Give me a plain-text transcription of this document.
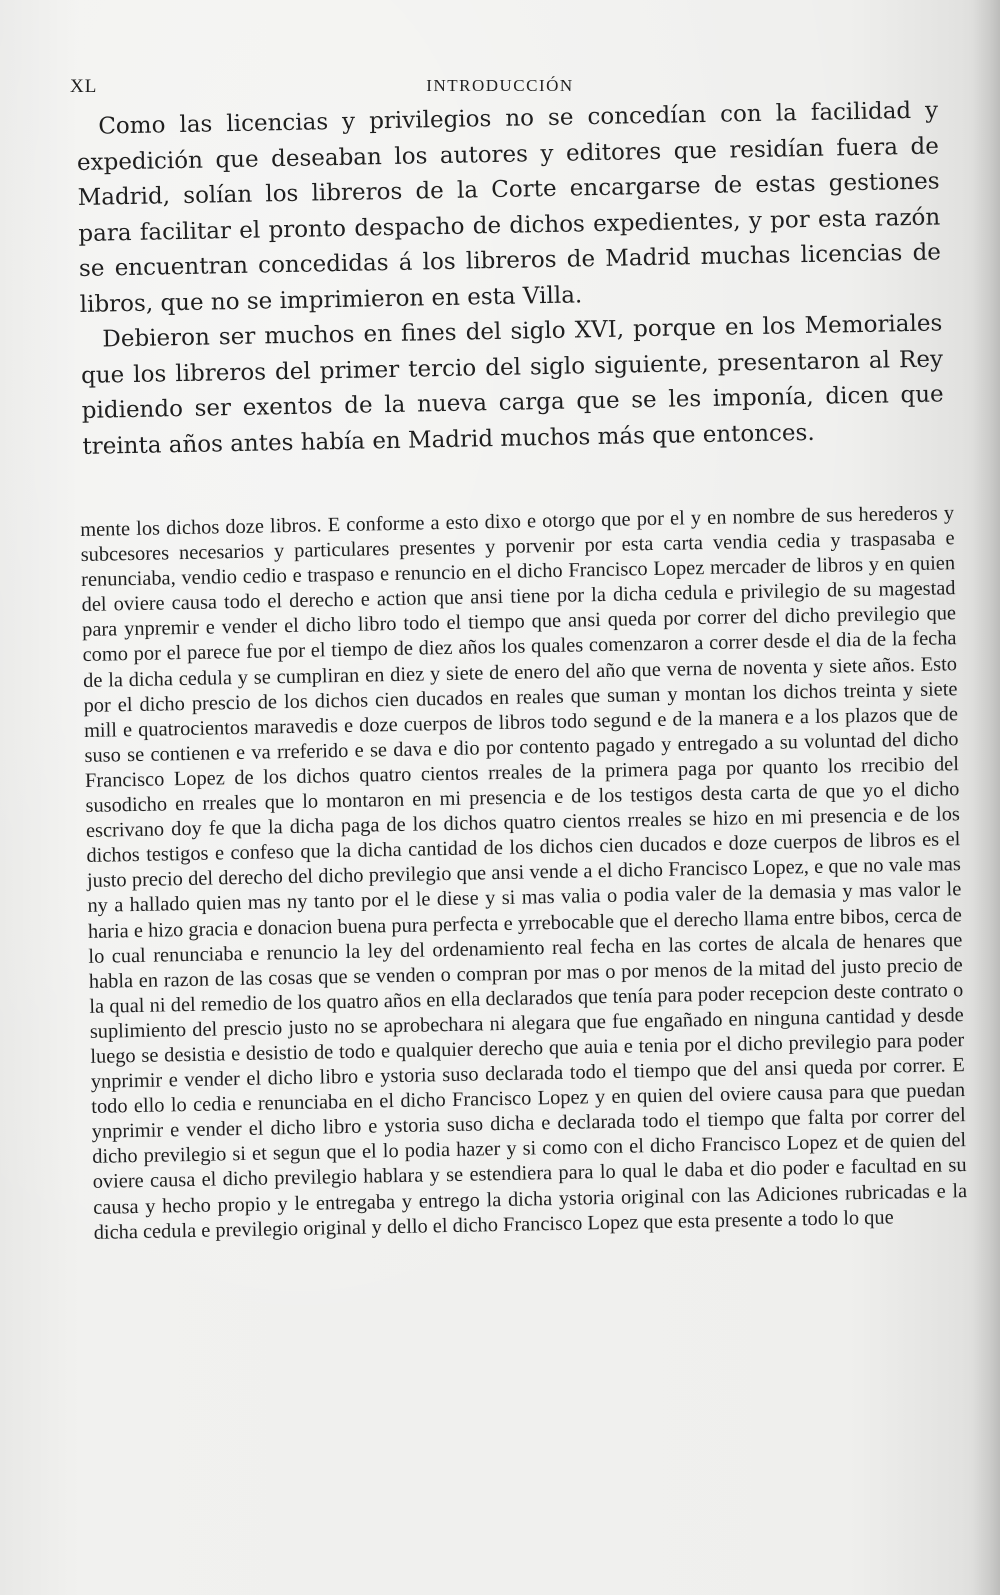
XL	INTRODUCCIÓN

Como las licencias y privilegios no se concedían con la facilidad y expedición que deseaban los autores y editores que residían fuera de Madrid, solían los libreros de la Corte encargarse de estas gestiones para facilitar el pronto despacho de dichos expedientes, y por esta razón se encuentran concedidas á los libreros de Madrid muchas licencias de libros, que no se imprimieron en esta Villa.

Debieron ser muchos en fines del siglo XVI, porque en los Memoriales que los libreros del primer tercio del siglo siguiente, presentaron al Rey pidiendo ser exentos de la nueva carga que se les imponía, dicen que treinta años antes había en Madrid muchos más que entonces.

mente los dichos doze libros. E conforme a esto dixo e otorgo que por el y en nombre de sus herederos y subcesores necesarios y particulares presentes y porvenir por esta carta vendia cedia y traspasaba e renunciaba, vendio cedio e traspaso e renuncio en el dicho Francisco Lopez mercader de libros y en quien del oviere causa todo el derecho e action que ansi tiene por la dicha cedula e privilegio de su magestad para ynpremir e vender el dicho libro todo el tiempo que ansi queda por correr del dicho previlegio que como por el parece fue por el tiempo de diez años los quales comenzaron a correr desde el dia de la fecha de la dicha cedula y se cumpliran en diez y siete de enero del año que verna de noventa y siete años. Esto por el dicho prescio de los dichos cien ducados en reales que suman y montan los dichos treinta y siete mill e quatrocientos maravedis e doze cuerpos de libros todo segund e de la manera e a los plazos que de suso se contienen e va rreferido e se dava e dio por contento pagado y entregado a su voluntad del dicho Francisco Lopez de los dichos quatro cientos rreales de la primera paga por quanto los rrecibio del susodicho en rreales que lo montaron en mi presencia e de los testigos desta carta de que yo el dicho escrivano doy fe que la dicha paga de los dichos quatro cientos rreales se hizo en mi presencia e de los dichos testigos e confeso que la dicha cantidad de los dichos cien ducados e doze cuerpos de libros es el justo precio del derecho del dicho previlegio que ansi vende a el dicho Francisco Lopez, e que no vale mas ny a hallado quien mas ny tanto por el le diese y si mas valia o podia valer de la demasia y mas valor le haria e hizo gracia e donacion buena pura perfecta e yrrebocable que el derecho llama entre bibos, cerca de lo cual renunciaba e renuncio la ley del ordenamiento real fecha en las cortes de alcala de henares que habla en razon de las cosas que se venden o compran por mas o por menos de la mitad del justo precio de la qual ni del remedio de los quatro años en ella declarados que tenía para poder recepcion deste contrato o suplimiento del prescio justo no se aprobechara ni alegara que fue engañado en ninguna cantidad y desde luego se desistia e desistio de todo e qualquier derecho que auia e tenia por el dicho previlegio para poder ynprimir e vender el dicho libro e ystoria suso declarada todo el tiempo que del ansi queda por correr. E todo ello lo cedia e renunciaba en el dicho Francisco Lopez y en quien del oviere causa para que puedan ynprimir e vender el dicho libro e ystoria suso dicha e declarada todo el tiempo que falta por correr del dicho previlegio si et segun que el lo podia hazer y si como con el dicho Francisco Lopez et de quien del oviere causa el dicho previlegio hablara y se estendiera para lo qual le daba et dio poder e facultad en su causa y hecho propio y le entregaba y entrego la dicha ystoria original con las Adiciones rubricadas e la dicha cedula e previlegio original y dello el dicho Francisco Lopez que esta presente a todo lo que
